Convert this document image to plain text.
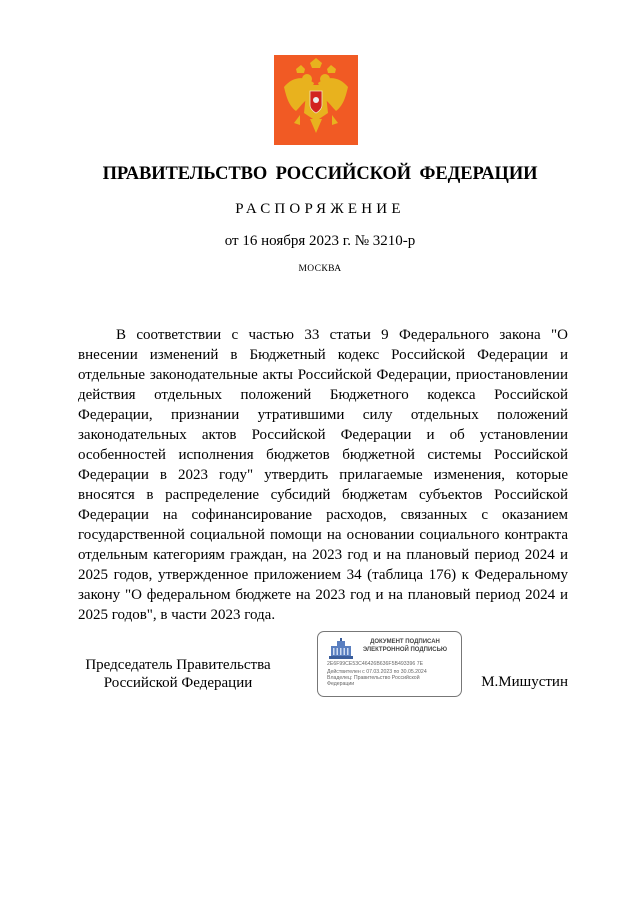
ПРАВИТЕЛЬСТВО РОССИЙСКОЙ ФЕДЕРАЦИИ
РАСПОРЯЖЕНИЕ
от 16 ноября 2023 г. № 3210-р
МОСКВА

В соответствии с частью 33 статьи 9 Федерального закона "О внесении изменений в Бюджетный кодекс Российской Федерации и отдельные законодательные акты Российской Федерации, приостановлении действия отдельных положений Бюджетного кодекса Российской Федерации, признании утратившими силу отдельных положений законодательных актов Российской Федерации и об установлении особенностей исполнения бюджетов бюджетной системы Российской Федерации в 2023 году" утвердить прилагаемые изменения, которые вносятся в распределение субсидий бюджетам субъектов Российской Федерации на софинансирование расходов, связанных с оказанием государственной социальной помощи на основании социального контракта отдельным категориям граждан, на 2023 год и на плановый период 2024 и 2025 годов, утвержденное приложением 34 (таблица 176) к Федеральному закону "О федеральном бюджете на 2023 год и на плановый период 2024 и 2025 годов", в части 2023 года.

Председатель Правительства
Российской Федерации
ДОКУМЕНТ ПОДПИСАН
ЭЛЕКТРОННОЙ ПОДПИСЬЮ
2E6F99CE53C46426B636F5B493396 7E
Действителен с 07.03.2023 по 30.05.2024
Владелец: Правительство Российской
Федерации	М.Мишустин
